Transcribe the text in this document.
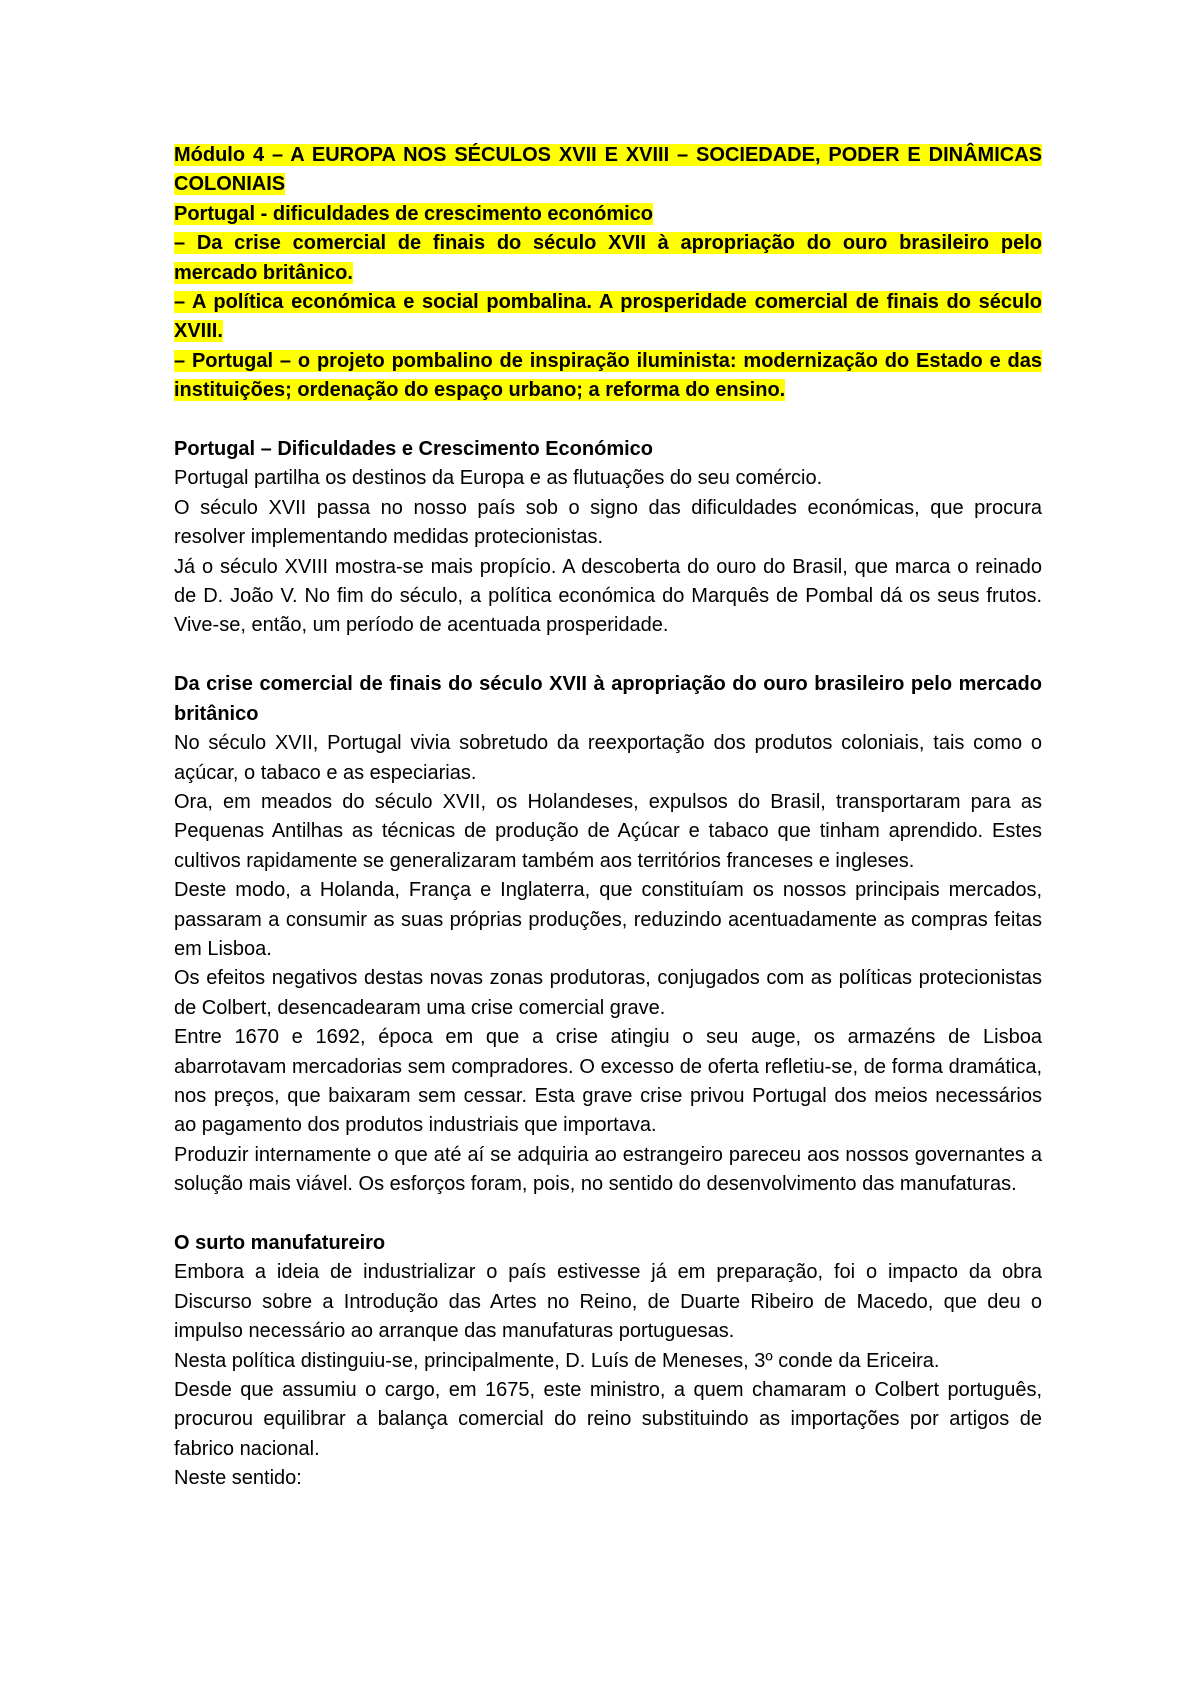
Módulo 4 – A EUROPA NOS SÉCULOS XVII E XVIII – SOCIEDADE, PODER E DINÂMICAS COLONIAIS

Portugal - dificuldades de crescimento económico

– Da crise comercial de finais do século XVII à apropriação do ouro brasileiro pelo mercado britânico.

– A política económica e social pombalina. A prosperidade comercial de finais do século XVIII.

– Portugal – o projeto pombalino de inspiração iluminista: modernização do Estado e das instituições; ordenação do espaço urbano; a reforma do ensino.

Portugal – Dificuldades e Crescimento Económico

Portugal partilha os destinos da Europa e as flutuações do seu comércio.

O século XVII passa no nosso país sob o signo das dificuldades económicas, que procura resolver implementando medidas protecionistas.

Já o século XVIII mostra-se mais propício. A descoberta do ouro do Brasil, que marca o reinado de D. João V. No fim do século, a política económica do Marquês de Pombal dá os seus frutos. Vive-se, então, um período de acentuada prosperidade.

Da crise comercial de finais do século XVII à apropriação do ouro brasileiro pelo mercado britânico

No século XVII, Portugal vivia sobretudo da reexportação dos produtos coloniais, tais como o açúcar, o tabaco e as especiarias.

Ora, em meados do século XVII, os Holandeses, expulsos do Brasil, transportaram para as Pequenas Antilhas as técnicas de produção de Açúcar e tabaco que tinham aprendido. Estes cultivos rapidamente se generalizaram também aos territórios franceses e ingleses.

Deste modo, a Holanda, França e Inglaterra, que constituíam os nossos principais mercados, passaram a consumir as suas próprias produções, reduzindo acentuadamente as compras feitas em Lisboa.

Os efeitos negativos destas novas zonas produtoras, conjugados com as políticas protecionistas de Colbert, desencadearam uma crise comercial grave.

Entre 1670 e 1692, época em que a crise atingiu o seu auge, os armazéns de Lisboa abarrotavam mercadorias sem compradores. O excesso de oferta refletiu-se, de forma dramática, nos preços, que baixaram sem cessar. Esta grave crise privou Portugal dos meios necessários ao pagamento dos produtos industriais que importava.

Produzir internamente o que até aí se adquiria ao estrangeiro pareceu aos nossos governantes a solução mais viável. Os esforços foram, pois, no sentido do desenvolvimento das manufaturas.

O surto manufatureiro

Embora a ideia de industrializar o país estivesse já em preparação, foi o impacto da obra Discurso sobre a Introdução das Artes no Reino, de Duarte Ribeiro de Macedo, que deu o impulso necessário ao arranque das manufaturas portuguesas.

Nesta política distinguiu-se, principalmente, D. Luís de Meneses, 3º conde da Ericeira.

Desde que assumiu o cargo, em 1675, este ministro, a quem chamaram o Colbert português, procurou equilibrar a balança comercial do reino substituindo as importações por artigos de fabrico nacional.

Neste sentido:
